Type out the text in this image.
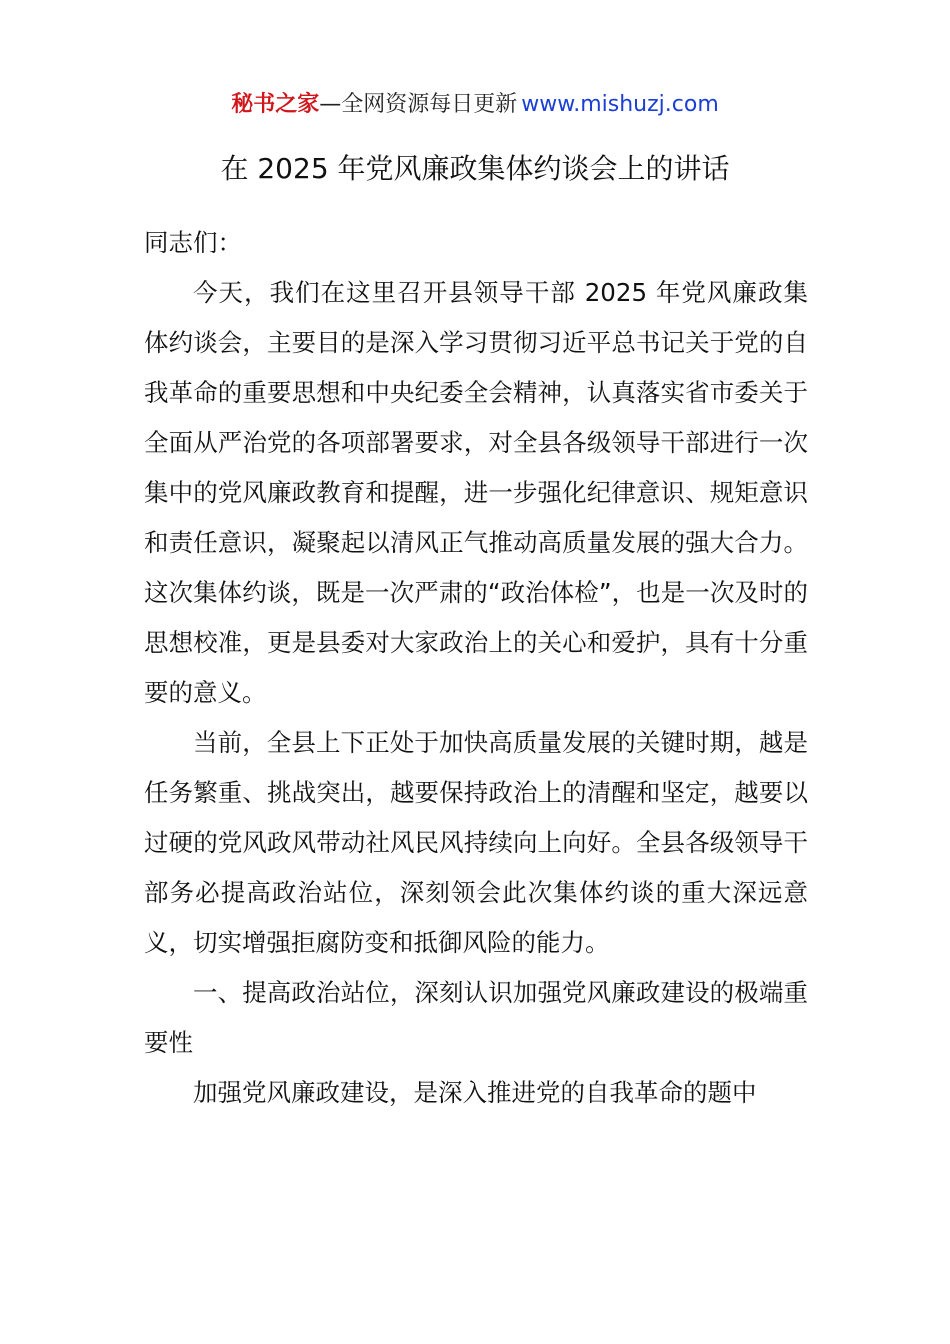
秘书之家—全网资源每日更新 www.mishuzj.com
在 2025 年党风廉政集体约谈会上的讲话

同志们：

今天，我们在这里召开县领导干部 2025 年党风廉政集体约谈会，主要目的是深入学习贯彻习近平总书记关于党的自我革命的重要思想和中央纪委全会精神，认真落实省市委关于全面从严治党的各项部署要求，对全县各级领导干部进行一次集中的党风廉政教育和提醒，进一步强化纪律意识、规矩意识和责任意识，凝聚起以清风正气推动高质量发展的强大合力。这次集体约谈，既是一次严肃的“政治体检”，也是一次及时的思想校准，更是县委对大家政治上的关心和爱护，具有十分重要的意义。

当前，全县上下正处于加快高质量发展的关键时期，越是任务繁重、挑战突出，越要保持政治上的清醒和坚定，越要以过硬的党风政风带动社风民风持续向上向好。全县各级领导干部务必提高政治站位，深刻领会此次集体约谈的重大深远意义，切实增强拒腐防变和抵御风险的能力。

一、提高政治站位，深刻认识加强党风廉政建设的极端重要性

加强党风廉政建设，是深入推进党的自我革命的题中
